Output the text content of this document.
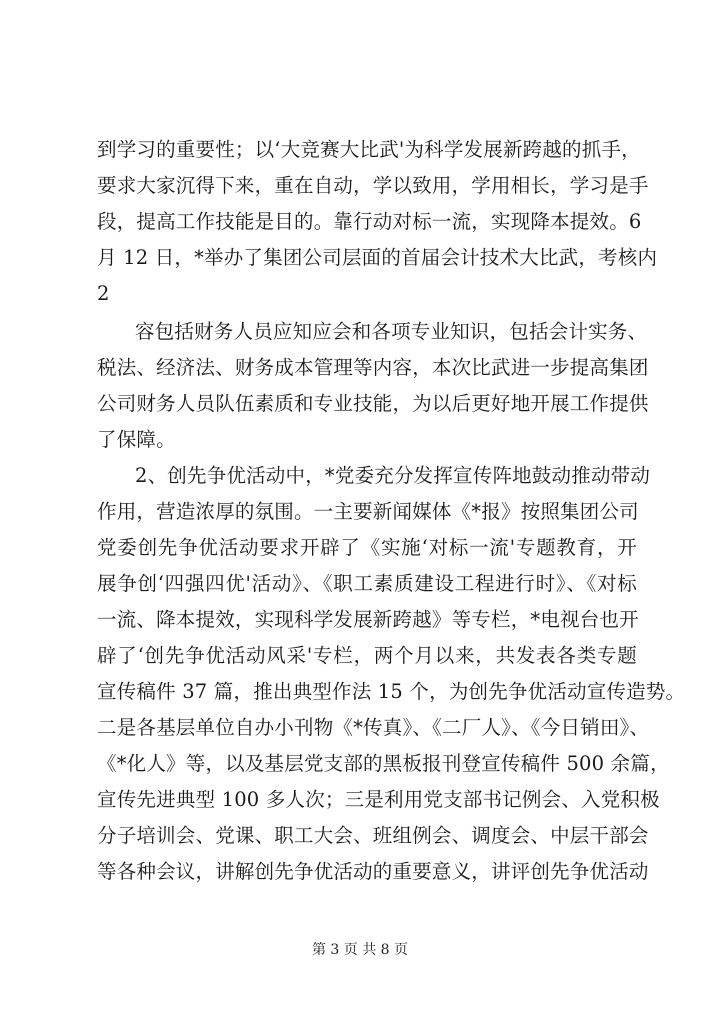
到学习的重要性；以‘大竞赛大比武'为科学发展新跨越的抓手，
要求大家沉得下来，重在自动，学以致用，学用相长，学习是手
段，提高工作技能是目的。靠行动对标一流，实现降本提效。6
月 12 日，*举办了集团公司层面的首届会计技术大比武，考核内
2
容包括财务人员应知应会和各项专业知识，包括会计实务、
税法、经济法、财务成本管理等内容，本次比武进一步提高集团
公司财务人员队伍素质和专业技能，为以后更好地开展工作提供
了保障。
2、创先争优活动中，*党委充分发挥宣传阵地鼓动推动带动
作用，营造浓厚的氛围。一主要新闻媒体《*报》按照集团公司
党委创先争优活动要求开辟了《实施‘对标一流'专题教育，开
展争创‘四强四优'活动》、《职工素质建设工程进行时》、《对标
一流、降本提效，实现科学发展新跨越》等专栏，*电视台也开
辟了‘创先争优活动风采'专栏，两个月以来，共发表各类专题
宣传稿件 37 篇，推出典型作法 15 个，为创先争优活动宣传造势。
二是各基层单位自办小刊物《*传真》、《二厂人》、《今日销田》、
《*化人》等，以及基层党支部的黑板报刊登宣传稿件 500 余篇，
宣传先进典型 100 多人次；三是利用党支部书记例会、入党积极
分子培训会、党课、职工大会、班组例会、调度会、中层干部会
等各种会议，讲解创先争优活动的重要意义，讲评创先争优活动
第 3 页 共 8 页
